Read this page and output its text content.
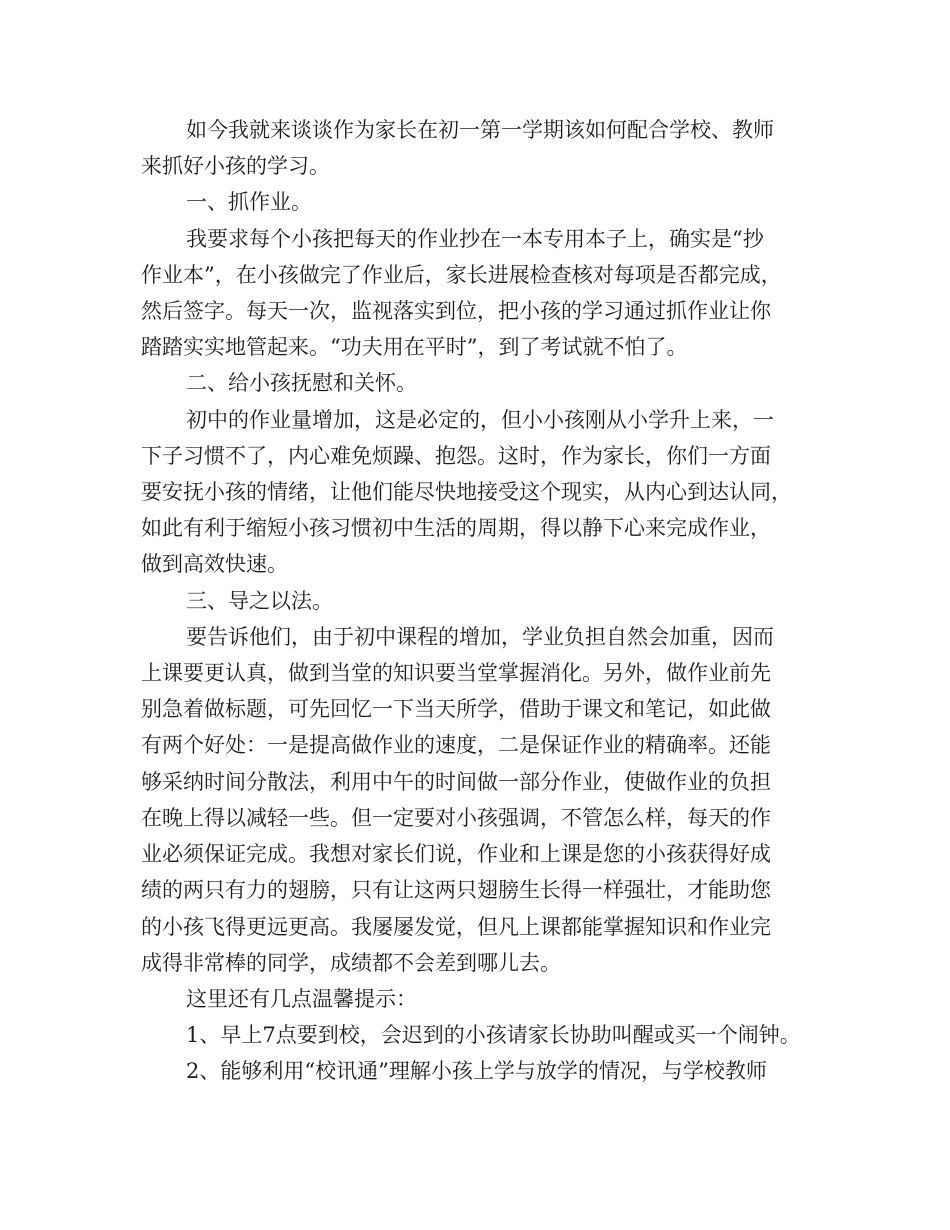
如今我就来谈谈作为家长在初一第一学期该如何配合学校、教师
来抓好小孩的学习。
一、抓作业。
我要求每个小孩把每天的作业抄在一本专用本子上，确实是“抄
作业本”，在小孩做完了作业后，家长进展检查核对每项是否都完成，
然后签字。每天一次，监视落实到位，把小孩的学习通过抓作业让你
踏踏实实地管起来。“功夫用在平时”，到了考试就不怕了。
二、给小孩抚慰和关怀。
初中的作业量增加，这是必定的，但小小孩刚从小学升上来，一
下子习惯不了，内心难免烦躁、抱怨。这时，作为家长，你们一方面
要安抚小孩的情绪，让他们能尽快地接受这个现实，从内心到达认同，
如此有利于缩短小孩习惯初中生活的周期，得以静下心来完成作业，
做到高效快速。
三、导之以法。
要告诉他们，由于初中课程的增加，学业负担自然会加重，因而
上课要更认真，做到当堂的知识要当堂掌握消化。另外，做作业前先
别急着做标题，可先回忆一下当天所学，借助于课文和笔记，如此做
有两个好处：一是提高做作业的速度，二是保证作业的精确率。还能
够采纳时间分散法，利用中午的时间做一部分作业，使做作业的负担
在晚上得以减轻一些。但一定要对小孩强调，不管怎么样，每天的作
业必须保证完成。我想对家长们说，作业和上课是您的小孩获得好成
绩的两只有力的翅膀，只有让这两只翅膀生长得一样强壮，才能助您
的小孩飞得更远更高。我屡屡发觉，但凡上课都能掌握知识和作业完
成得非常棒的同学，成绩都不会差到哪儿去。
这里还有几点温馨提示：
1、早上7点要到校，会迟到的小孩请家长协助叫醒或买一个闹钟。
2、能够利用“校讯通”理解小孩上学与放学的情况，与学校教师
